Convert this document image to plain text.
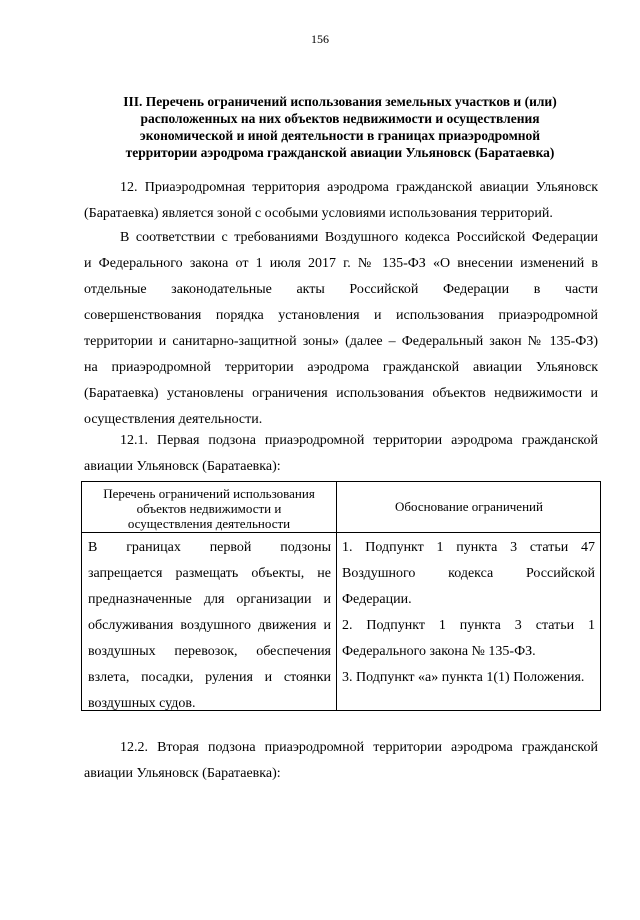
156
III. Перечень ограничений использования земельных участков и (или)
расположенных на них объектов недвижимости и осуществления
экономической и иной деятельности в границах приаэродромной
территории аэродрома гражданской авиации Ульяновск (Баратаевка)
12. Приаэродромная территория аэродрома гражданской авиации Ульяновск
(Баратаевка) является зоной с особыми условиями использования территорий.
В соответствии с требованиями Воздушного кодекса Российской Федерации
и Федерального закона от 1 июля 2017 г. № 135-ФЗ «О внесении изменений в
отдельные законодательные акты Российской Федерации в части
совершенствования порядка установления и использования приаэродромной
территории и санитарно-защитной зоны» (далее – Федеральный закон № 135-ФЗ)
на приаэродромной территории аэродрома гражданской авиации Ульяновск
(Баратаевка) установлены ограничения использования объектов недвижимости и
осуществления деятельности.
12.1. Первая подзона приаэродромной территории аэродрома гражданской
авиации Ульяновск (Баратаевка):
Перечень ограничений использования
объектов недвижимости и
осуществления деятельности
Обоснование ограничений
В границах первой подзоны
запрещается размещать объекты, не
предназначенные для организации и
обслуживания воздушного движения и
воздушных перевозок, обеспечения
взлета, посадки, руления и стоянки
воздушных судов.
1. Подпункт 1 пункта 3 статьи 47
Воздушного кодекса Российской
Федерации.
2. Подпункт 1 пункта 3 статьи 1
Федерального закона № 135-ФЗ.
3. Подпункт «а» пункта 1(1) Положения.
12.2. Вторая подзона приаэродромной территории аэродрома гражданской
авиации Ульяновск (Баратаевка):
